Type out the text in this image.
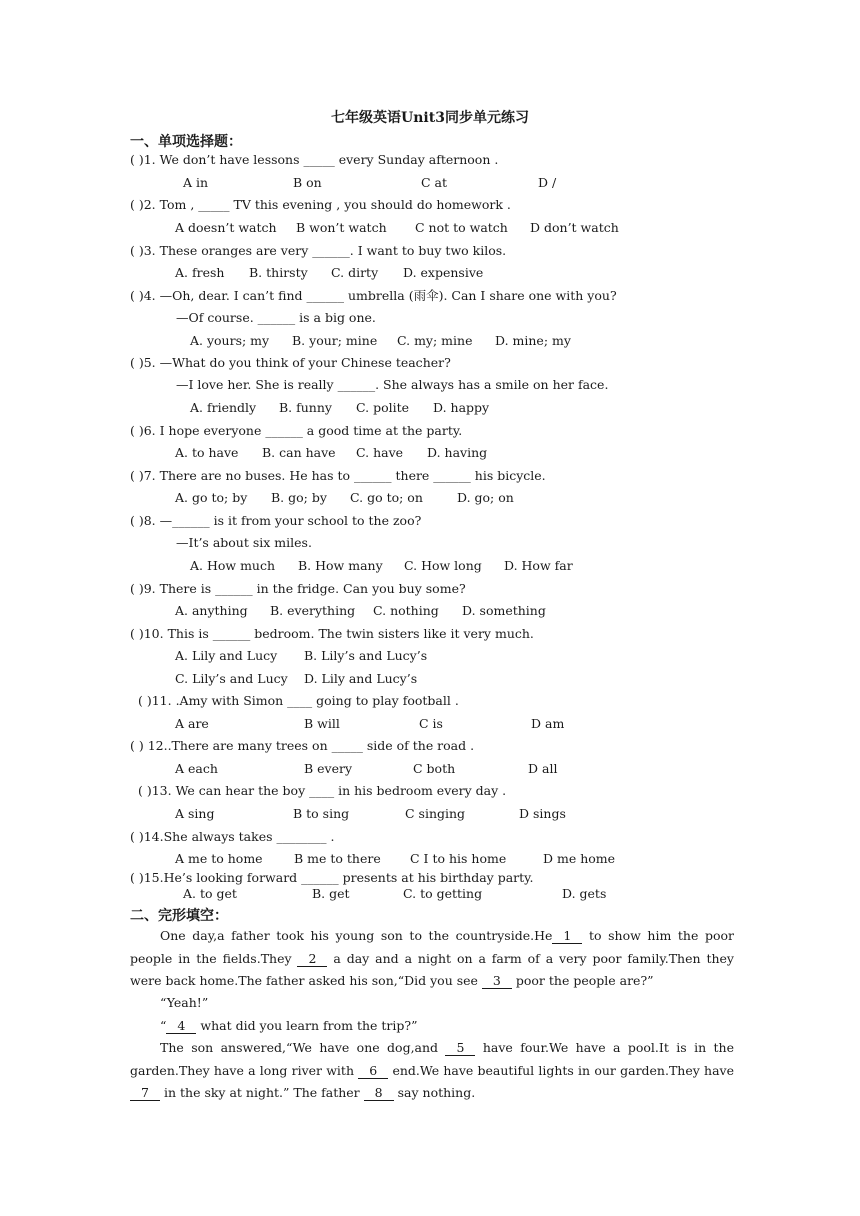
七年级英语Unit3同步单元练习
一、单项选择题：
( )1. We don’t have lessons _____ every Sunday afternoon .
A in	B on	C at	D /
( )2. Tom , _____ TV this evening , you should do homework .
A doesn’t watch B won’t watch C not to watch D don’t watch
( )3. These oranges are very ______. I want to buy two kilos.
A. fresh B. thirsty C. dirty D. expensive
( )4. —Oh, dear. I can’t find ______ umbrella (雨伞). Can I share one with you?
—Of course. ______ is a big one.
A. yours; my B. your; mine C. my; mine D. mine; my
( )5. —What do you think of your Chinese teacher?
—I love her. She is really ______. She always has a smile on her face.
A. friendly B. funny C. polite D. happy
( )6. I hope everyone ______ a good time at the party.
A. to have B. can have C. have D. having
( )7. There are no buses. He has to ______ there ______ his bicycle.
A. go to; by B. go; by C. go to; on	D. go; on
( )8. —______ is it from your school to the zoo?
—It’s about six miles.
A. How much B. How many C. How long D. How far
( )9. There is ______ in the fridge. Can you buy some?
A. anything B. everything C. nothing D. something
( )10. This is ______ bedroom. The twin sisters like it very much.
A. Lily and Lucy B. Lily’s and Lucy’s
C. Lily’s and Lucy D. Lily and Lucy’s
( )11. .Amy with Simon ____ going to play football .
A are	B will	C is	D am
( ) 12..There are many trees on _____ side of the road .
A each	B every	C both	D all
( )13. We can hear the boy ____ in his bedroom every day .
A sing	B to sing	C singing	D sings
( )14.She always takes ________ .
A me to home	B me to there C I to his home	D me home
( )15.He’s looking forward ______ presents at his birthday party.
A. to get	B. get	C. to getting	D. gets
二、完形填空：
One day,a father took his young son to the countryside.He 1 to show him the poor people in the fields.They 2 a day and a night on a farm of a very poor family.Then they were back home.The father asked his son,“Did you see 3 poor the people are?”
“Yeah!”
“ 4 what did you learn from the trip?”
The son answered,“We have one dog,and 5 have four.We have a pool.It is in the garden.They have a long river with 6 end.We have beautiful lights in our garden.They have 7 in the sky at night.” The father 8 say nothing.
